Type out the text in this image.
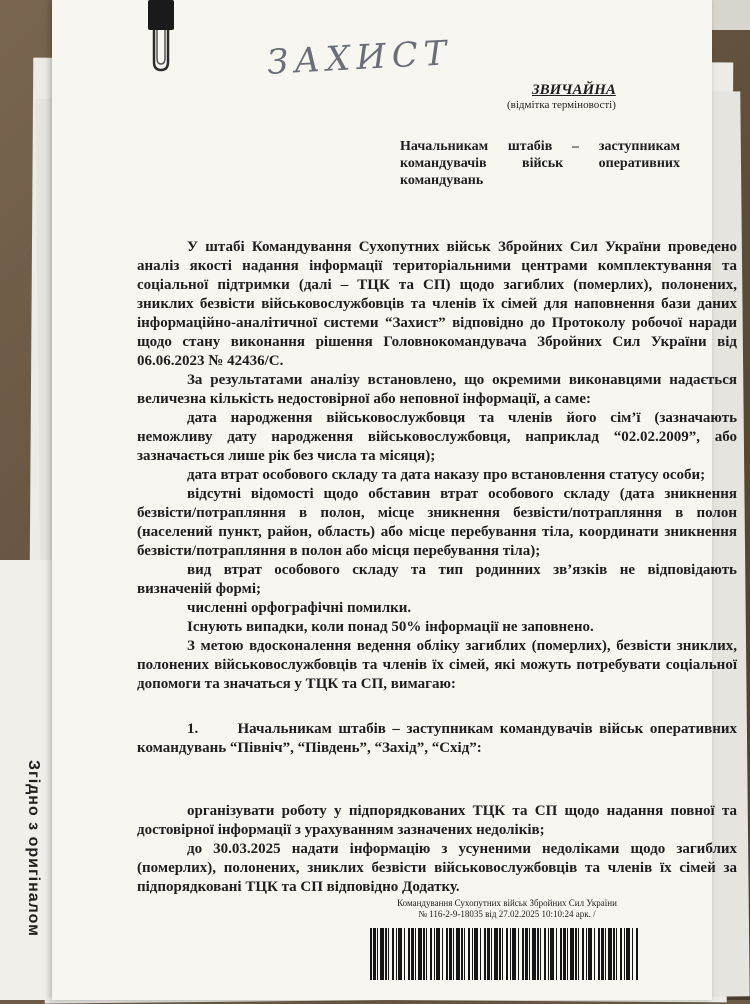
Згідно з оригіналом
ЗАХИСТ
ЗВИЧАЙНА
(відмітка терміновості)
Начальникам штабів – заступникам командувачів військ оперативних командувань

У штабі Командування Сухопутних військ Збройних Сил України проведено аналіз якості надання інформації територіальними центрами комплектування та соціальної підтримки (далі – ТЦК та СП) щодо загиблих (померлих), полонених, зниклих безвісти військовослужбовців та членів їх сімей для наповнення бази даних інформаційно-аналітичної системи “Захист” відповідно до Протоколу робочої наради щодо стану виконання рішення Головнокомандувача Збройних Сил України від 06.06.2023 № 42436/С.

За результатами аналізу встановлено, що окремими виконавцями надається величезна кількість недостовірної або неповної інформації, а саме:

дата народження військовослужбовця та членів його сім’ї (зазначають неможливу дату народження військовослужбовця, наприклад “02.02.2009”, або зазначається лише рік без числа та місяця);

дата втрат особового складу та дата наказу про встановлення статусу особи;

відсутні відомості щодо обставин втрат особового складу (дата зникнення безвісти/потрапляння в полон, місце зникнення безвісти/потрапляння в полон (населений пункт, район, область) або місце перебування тіла, координати зникнення безвісти/потрапляння в полон або місця перебування тіла);

вид втрат особового складу та тип родинних зв’язків не відповідають визначеній формі;

численні орфографічні помилки.

Існують випадки, коли понад 50% інформації не заповнено.

З метою вдосконалення ведення обліку загиблих (померлих), безвісти зниклих, полонених військовослужбовців та членів їх сімей, які можуть потребувати соціальної допомоги та значаться у ТЦК та СП, вимагаю:

1.	Начальникам штабів – заступникам командувачів військ оперативних командувань “Північ”, “Південь”, “Захід”, “Схід”:

організувати роботу у підпорядкованих ТЦК та СП щодо надання повної та достовірної інформації з урахуванням зазначених недоліків;

до 30.03.2025 надати інформацію з усуненими недоліками щодо загиблих (померлих), полонених, зниклих безвісти військовослужбовців та членів їх сімей за підпорядковані ТЦК та СП відповідно Додатку.

Командування Сухопутних військ Збройних Сил України
№ 116-2-9-18035 від 27.02.2025 10:10:24 арк. /
